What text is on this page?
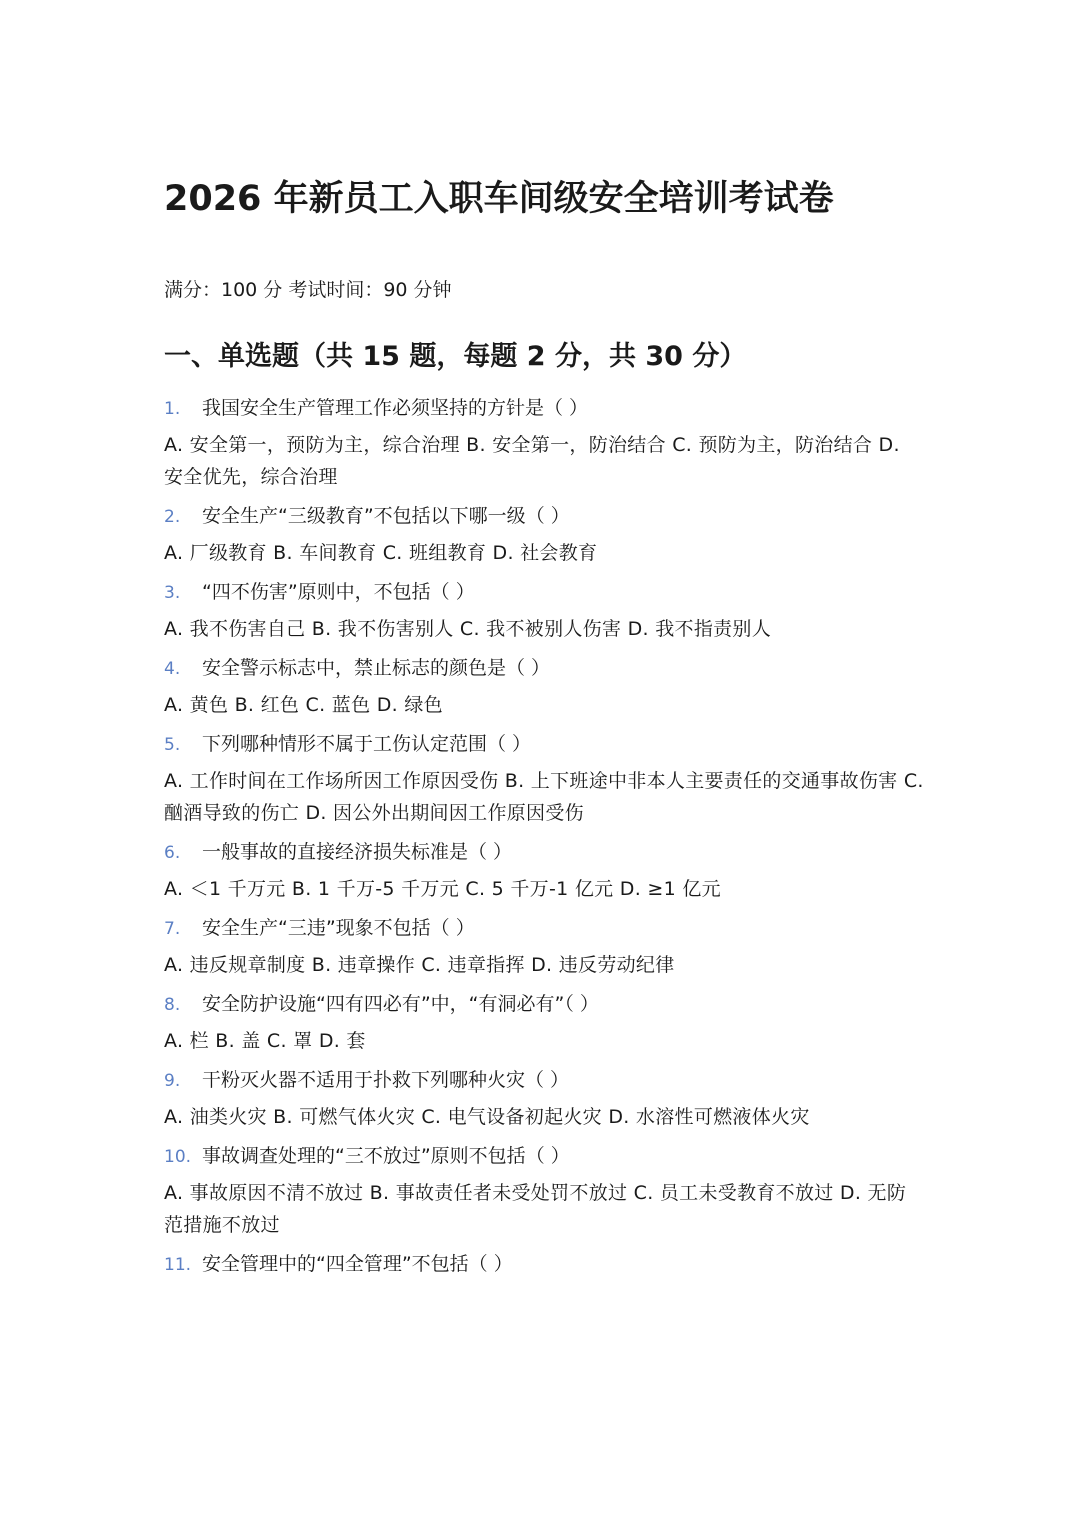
2026 年新员工入职车间级安全培训考试卷
满分：100 分 考试时间：90 分钟
一、单选题（共 15 题，每题 2 分，共 30 分）
1. 我国安全生产管理工作必须坚持的方针是（ ）
A. 安全第一，预防为主，综合治理 B. 安全第一，防治结合 C. 预防为主，防治结合 D. 安全优先，综合治理
2. 安全生产“三级教育”不包括以下哪一级（ ）
A. 厂级教育 B. 车间教育 C. 班组教育 D. 社会教育
3. “四不伤害”原则中，不包括（ ）
A. 我不伤害自己 B. 我不伤害别人 C. 我不被别人伤害 D. 我不指责别人
4. 安全警示标志中，禁止标志的颜色是（ ）
A. 黄色 B. 红色 C. 蓝色 D. 绿色
5. 下列哪种情形不属于工伤认定范围（ ）
A. 工作时间在工作场所因工作原因受伤 B. 上下班途中非本人主要责任的交通事故伤害 C. 酗酒导致的伤亡 D. 因公外出期间因工作原因受伤
6. 一般事故的直接经济损失标准是（ ）
A. ＜1 千万元 B. 1 千万-5 千万元 C. 5 千万-1 亿元 D. ≥1 亿元
7. 安全生产“三违”现象不包括（ ）
A. 违反规章制度 B. 违章操作 C. 违章指挥 D. 违反劳动纪律
8. 安全防护设施“四有四必有”中，“有洞必有”（ ）
A. 栏 B. 盖 C. 罩 D. 套
9. 干粉灭火器不适用于扑救下列哪种火灾（ ）
A. 油类火灾 B. 可燃气体火灾 C. 电气设备初起火灾 D. 水溶性可燃液体火灾
10. 事故调查处理的“三不放过”原则不包括（ ）
A. 事故原因不清不放过 B. 事故责任者未受处罚不放过 C. 员工未受教育不放过 D. 无防范措施不放过
11. 安全管理中的“四全管理”不包括（ ）
